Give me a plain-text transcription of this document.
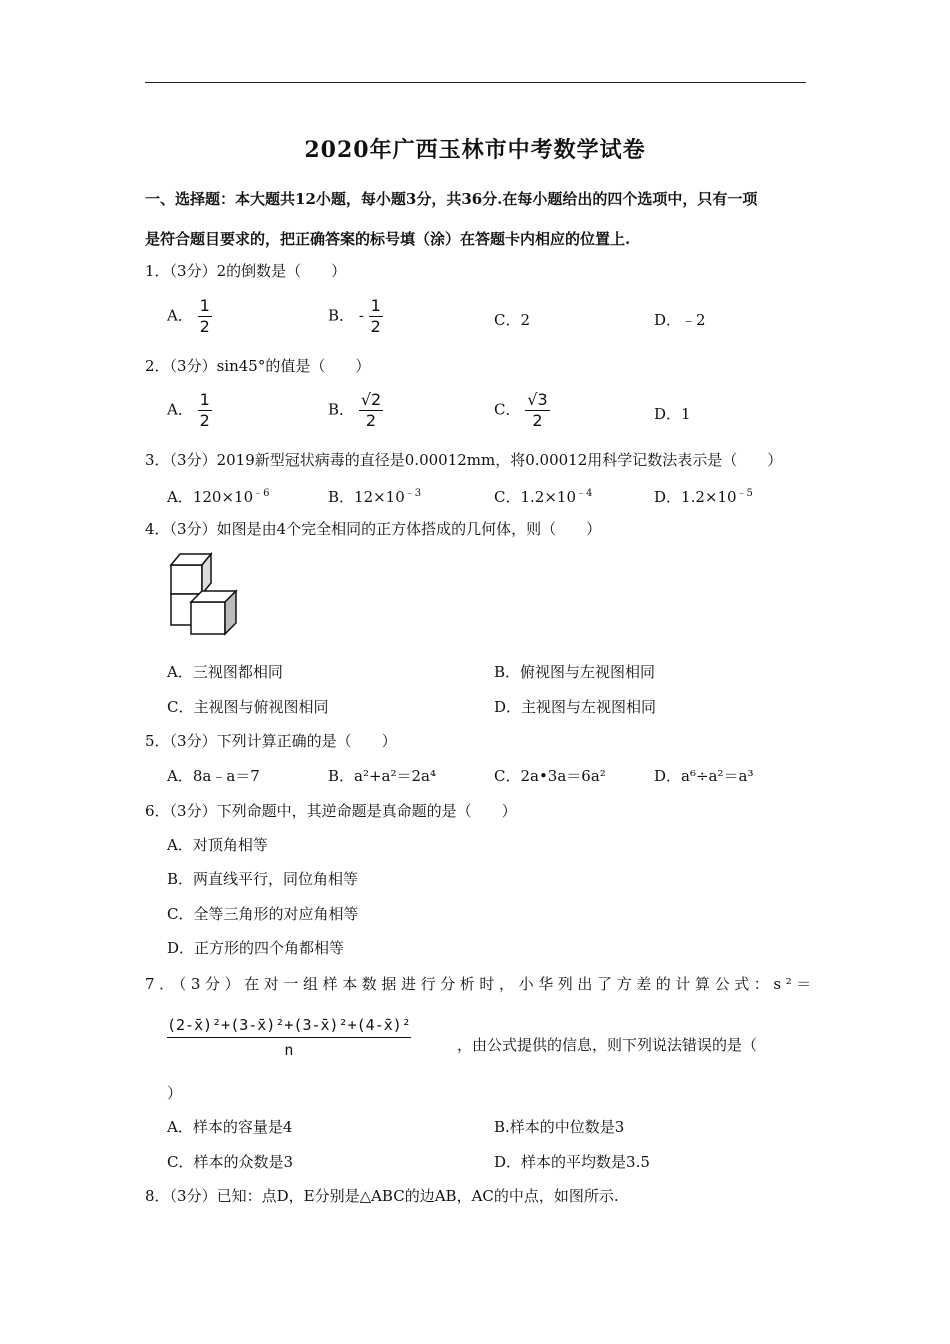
2020年广西玉林市中考数学试卷
一、选择题：本大题共12小题，每小题3分，共36分.在每小题给出的四个选项中，只有一项
是符合题目要求的，把正确答案的标号填（涂）在答题卡内相应的位置上.
1．（3分）2的倒数是（　　）
A． $\frac{1}{2}$	B． - $\frac{1}{2}$	C．2	D．﹣2
2．（3分）sin45°的值是（　　）
A． $\frac{1}{2}$	B． $\frac{√2}{2}$	C． $\frac{√3}{2}$	D．1
3．（3分）2019新型冠状病毒的直径是0.00012mm，将0.00012用科学记数法表示是（　　）
A．$120\times 10^{﹣6}$	B．$12\times 10^{﹣3}$	C．$1.2\times 10^{﹣4}$	D．$1.2\times 10^{﹣5}$
4．（3分）如图是由4个完全相同的正方体搭成的几何体，则（　　）
A．三视图都相同	B．俯视图与左视图相同
C．主视图与俯视图相同	D．主视图与左视图相同
5．（3分）下列计算正确的是（　　）
A．8a﹣a＝7	B．a²+a²＝2a⁴	C．2a•3a＝6a²	D．a⁶÷a²＝a³
6．（3分）下列命题中，其逆命题是真命题的是（　　）
A．对顶角相等
B．两直线平行，同位角相等
C．全等三角形的对应角相等
D．正方形的四个角都相等
7．（3分）在对一组样本数据进行分析时，小华列出了方差的计算公式：s²＝
$\frac{\text{(2-x̄)²+(3-x̄)²+(3-x̄)²+(4-x̄)²}}{n}$	，由公式提供的信息，则下列说法错误的是（
）
A．样本的容量是4	B.样本的中位数是3
C．样本的众数是3	D．样本的平均数是3.5
8．（3分）已知：点D，E分别是△ABC的边AB，AC的中点，如图所示.
